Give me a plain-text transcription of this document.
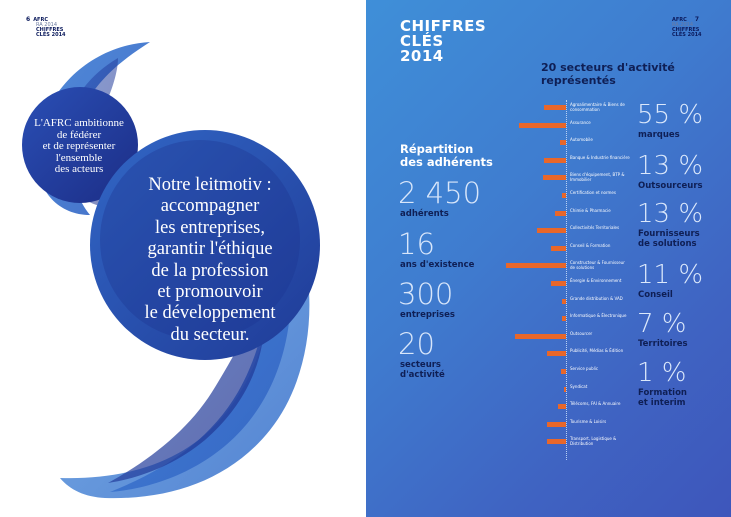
6 AFRC
RA 2014
CHIFFRES
CLÉS 2014
L'AFRC ambitionne
de fédérer
et de représenter
l'ensemble
des acteurs
Notre leitmotiv :
accompagner
les entreprises,
garantir l'éthique
de la profession
et promouvoir
le développement
du secteur.
AFRC 7
RA 2014
CHIFFRES
CLÉS 2014
CHIFFRES
CLÉS
2014
20 secteurs d'activité
représentés
Répartition
des adhérents
2 450
adhérents
16
ans d'existence
300
entreprises
20
secteurs
d'activité
Agroalimentaire & Biens de consommation
Assurance
Automobile
Banque & Industrie financière
Biens d'équipement, BTP & Immobilier
Certification et normes
Chimie & Pharmacie
Collectivités Territoriales
Conseil & Formation
Constructeur & Fournisseur de solutions
Énergie & Environnement
Grande distribution & VAD
Informatique & Électronique
Outsourcer
Publicité, Médias & Édition
Service public
Syndicat
Télécoms, FAI & Annuaire
Tourisme & Loisirs
Transport, Logistique & Distribution
55 %
marques
13 %
Outsourceurs
13 %
Fournisseurs
de solutions
11 %
Conseil
7 %
Territoires
1 %
Formation
et interim
